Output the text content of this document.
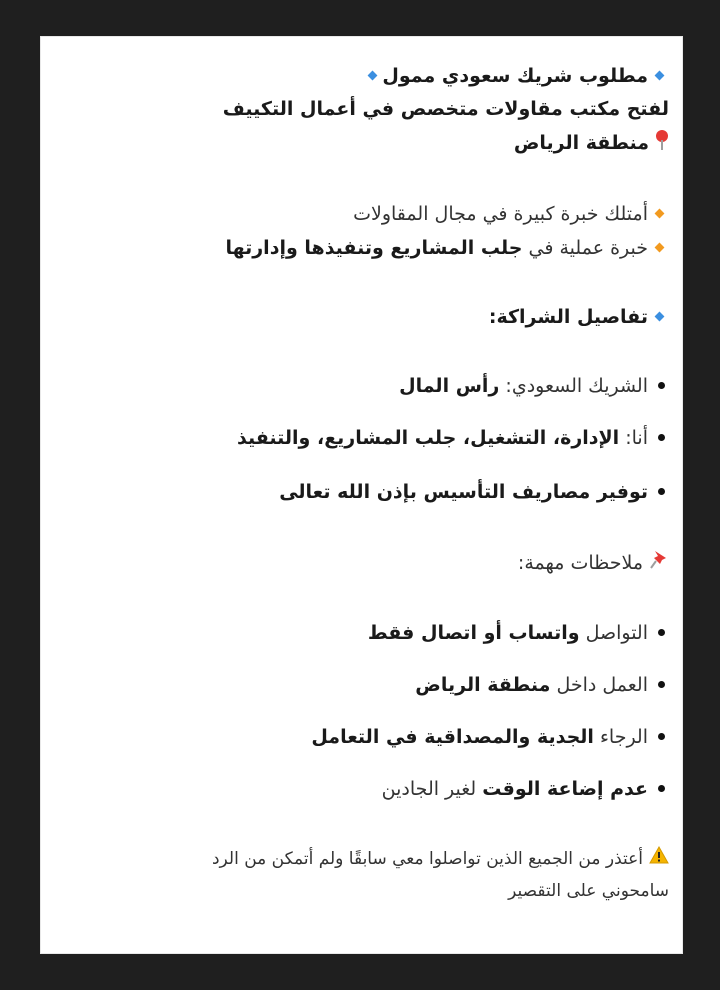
مطلوب شريك سعودي ممول
لفتح مكتب مقاولات متخصص في أعمال التكييف
منطقة الرياض
أمتلك خبرة كبيرة في مجال المقاولات
خبرة عملية في جلب المشاريع وتنفيذها وإدارتها
تفاصيل الشراكة:
الشريك السعودي: رأس المال
أنا: الإدارة، التشغيل، جلب المشاريع، والتنفيذ
توفير مصاريف التأسيس بإذن الله تعالى
ملاحظات مهمة:
التواصل واتساب أو اتصال فقط
العمل داخل منطقة الرياض
الرجاء الجدية والمصداقية في التعامل
عدم إضاعة الوقت لغير الجادين
أعتذر من الجميع الذين تواصلوا معي سابقًا ولم أتمكن من الرد
سامحوني على التقصير
